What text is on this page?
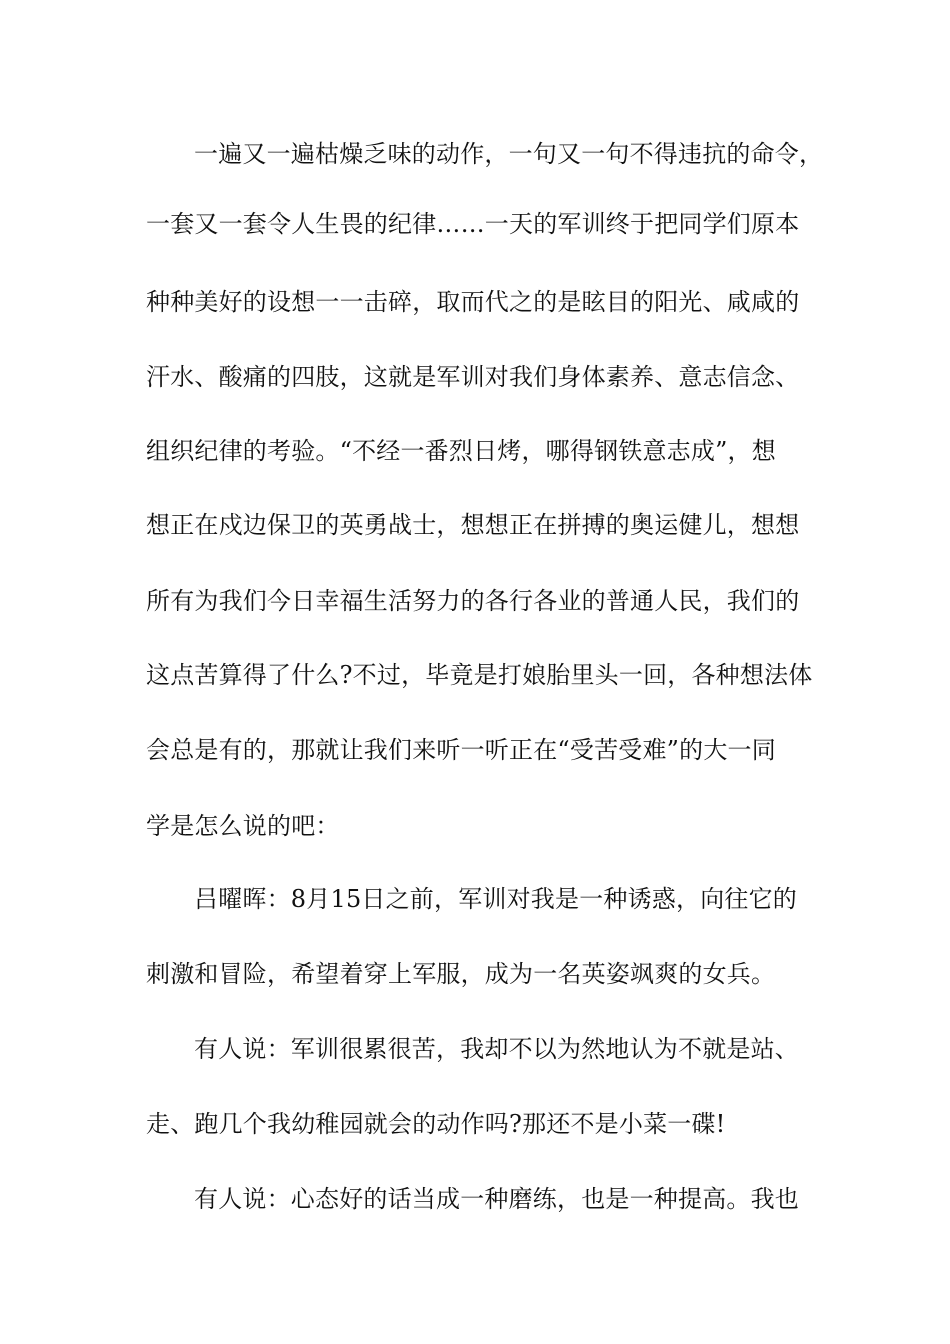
一遍又一遍枯燥乏味的动作，一句又一句不得违抗的命令，
一套又一套令人生畏的纪律……一天的军训终于把同学们原本
种种美好的设想一一击碎，取而代之的是眩目的阳光、咸咸的
汗水、酸痛的四肢，这就是军训对我们身体素养、意志信念、
组织纪律的考验。“不经一番烈日烤，哪得钢铁意志成”，想
想正在戍边保卫的英勇战士，想想正在拼搏的奥运健儿，想想
所有为我们今日幸福生活努力的各行各业的普通人民，我们的
这点苦算得了什么?不过，毕竟是打娘胎里头一回，各种想法体
会总是有的，那就让我们来听一听正在“受苦受难”的大一同
学是怎么说的吧：
吕曜晖：8月15日之前，军训对我是一种诱惑，向往它的
刺激和冒险，希望着穿上军服，成为一名英姿飒爽的女兵。
有人说：军训很累很苦，我却不以为然地认为不就是站、
走、跑几个我幼稚园就会的动作吗?那还不是小菜一碟!
有人说：心态好的话当成一种磨练，也是一种提高。我也
